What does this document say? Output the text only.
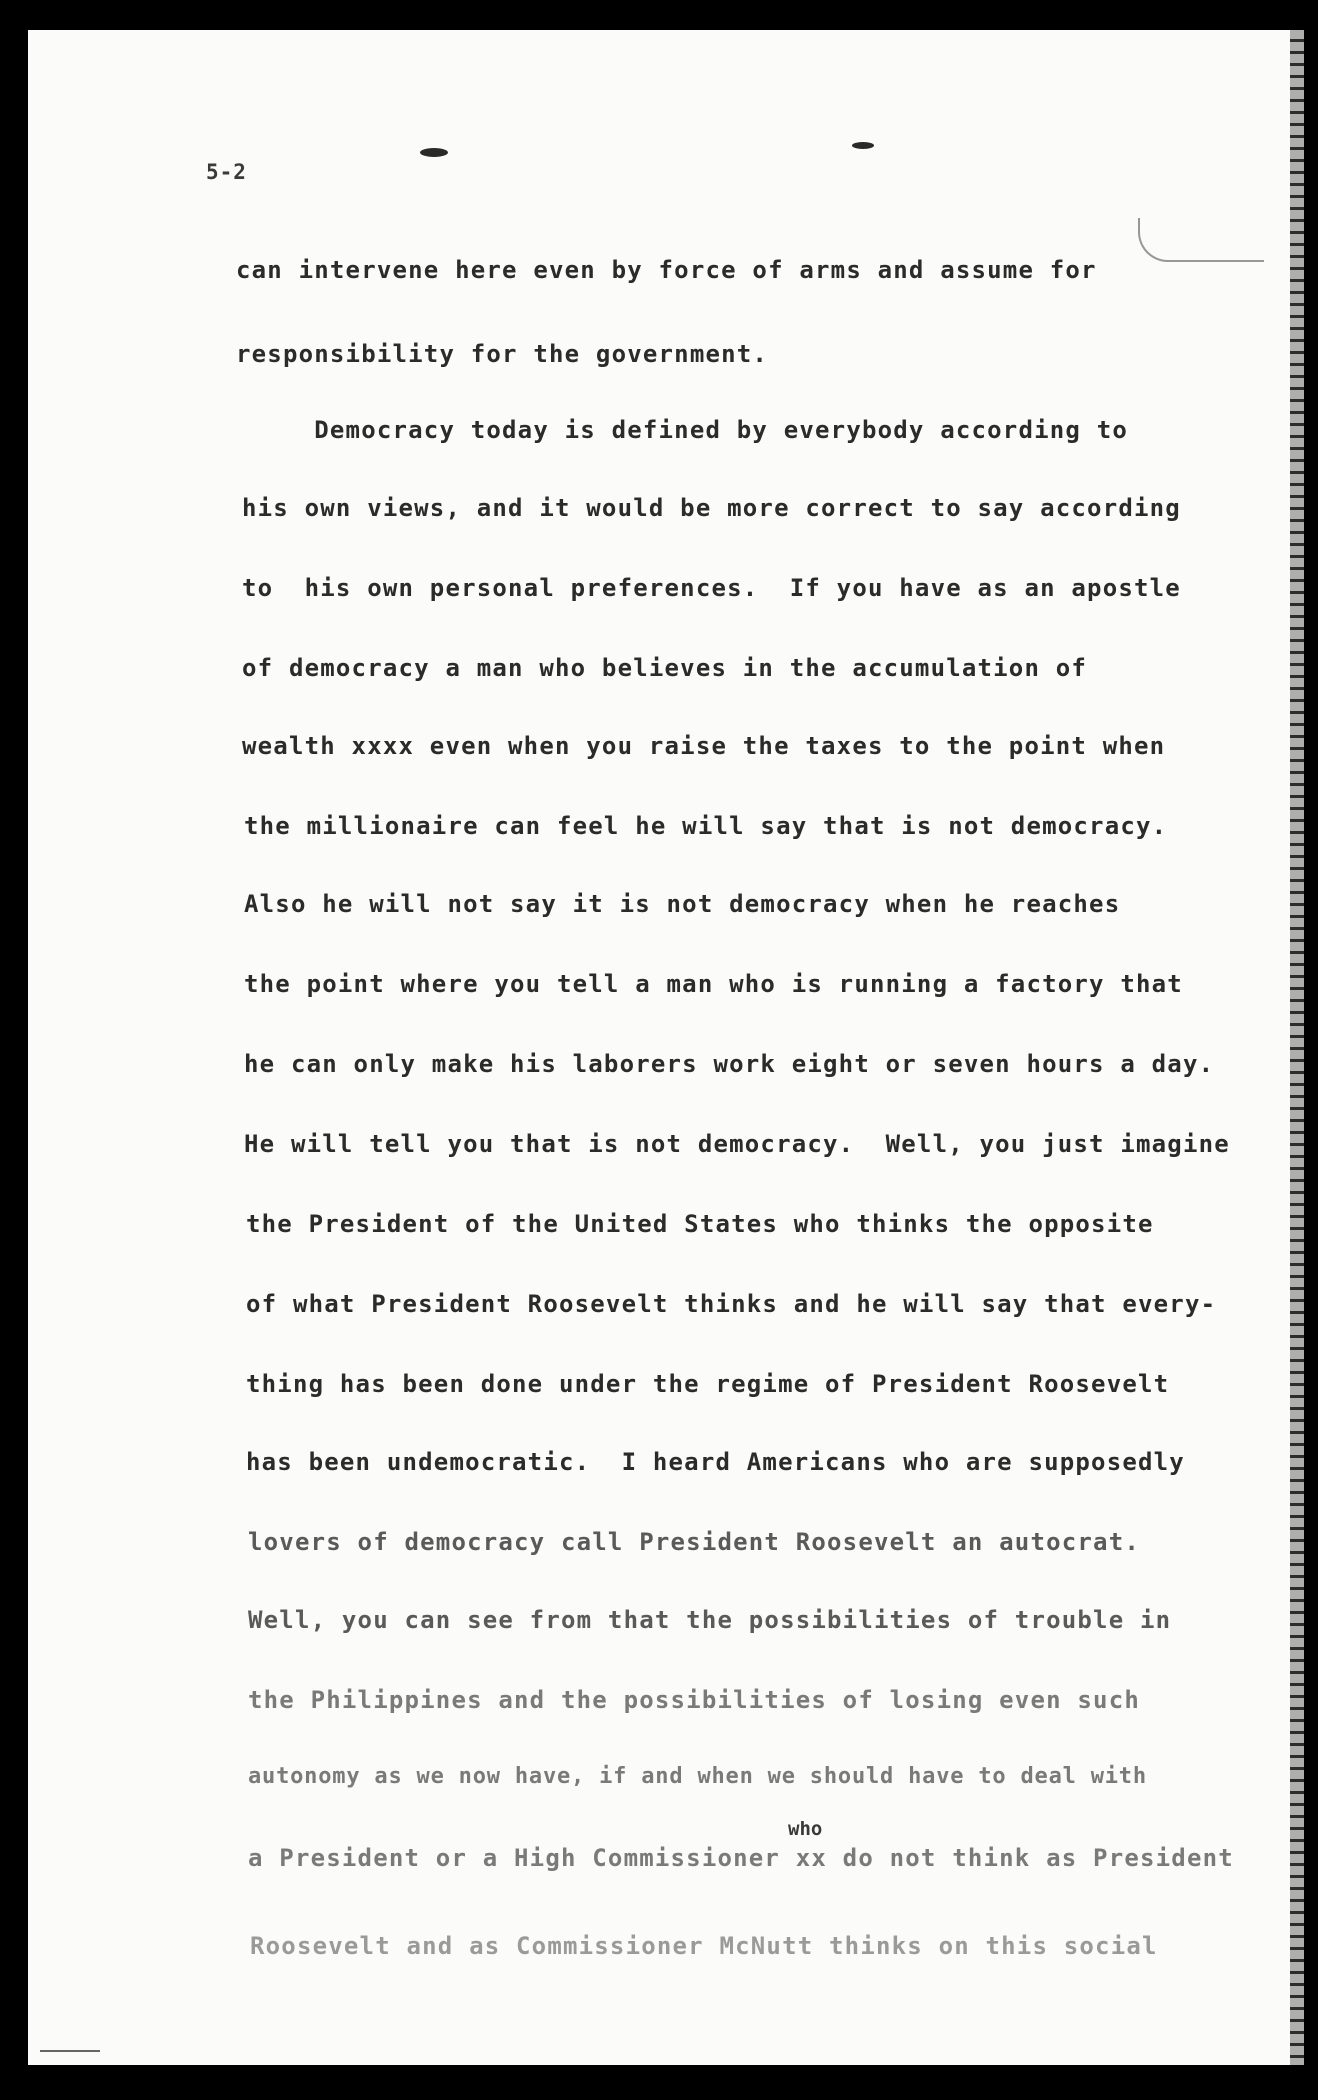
5-2
can intervene here even by force of arms and assume for
responsibility for the government.
Democracy today is defined by everybody according to
his own views, and it would be more correct to say according
to  his own personal preferences.  If you have as an apostle
of democracy a man who believes in the accumulation of
wealth xxxx even when you raise the taxes to the point when
the millionaire can feel he will say that is not democracy.
Also he will not say it is not democracy when he reaches
the point where you tell a man who is running a factory that
he can only make his laborers work eight or seven hours a day.
He will tell you that is not democracy.  Well, you just imagine
the President of the United States who thinks the opposite
of what President Roosevelt thinks and he will say that every-
thing has been done under the regime of President Roosevelt
has been undemocratic.  I heard Americans who are supposedly
lovers of democracy call President Roosevelt an autocrat.
Well, you can see from that the possibilities of trouble in
the Philippines and the possibilities of losing even such
autonomy as we now have, if and when we should have to deal with
who
a President or a High Commissioner xx do not think as President
Roosevelt and as Commissioner McNutt thinks on this social
